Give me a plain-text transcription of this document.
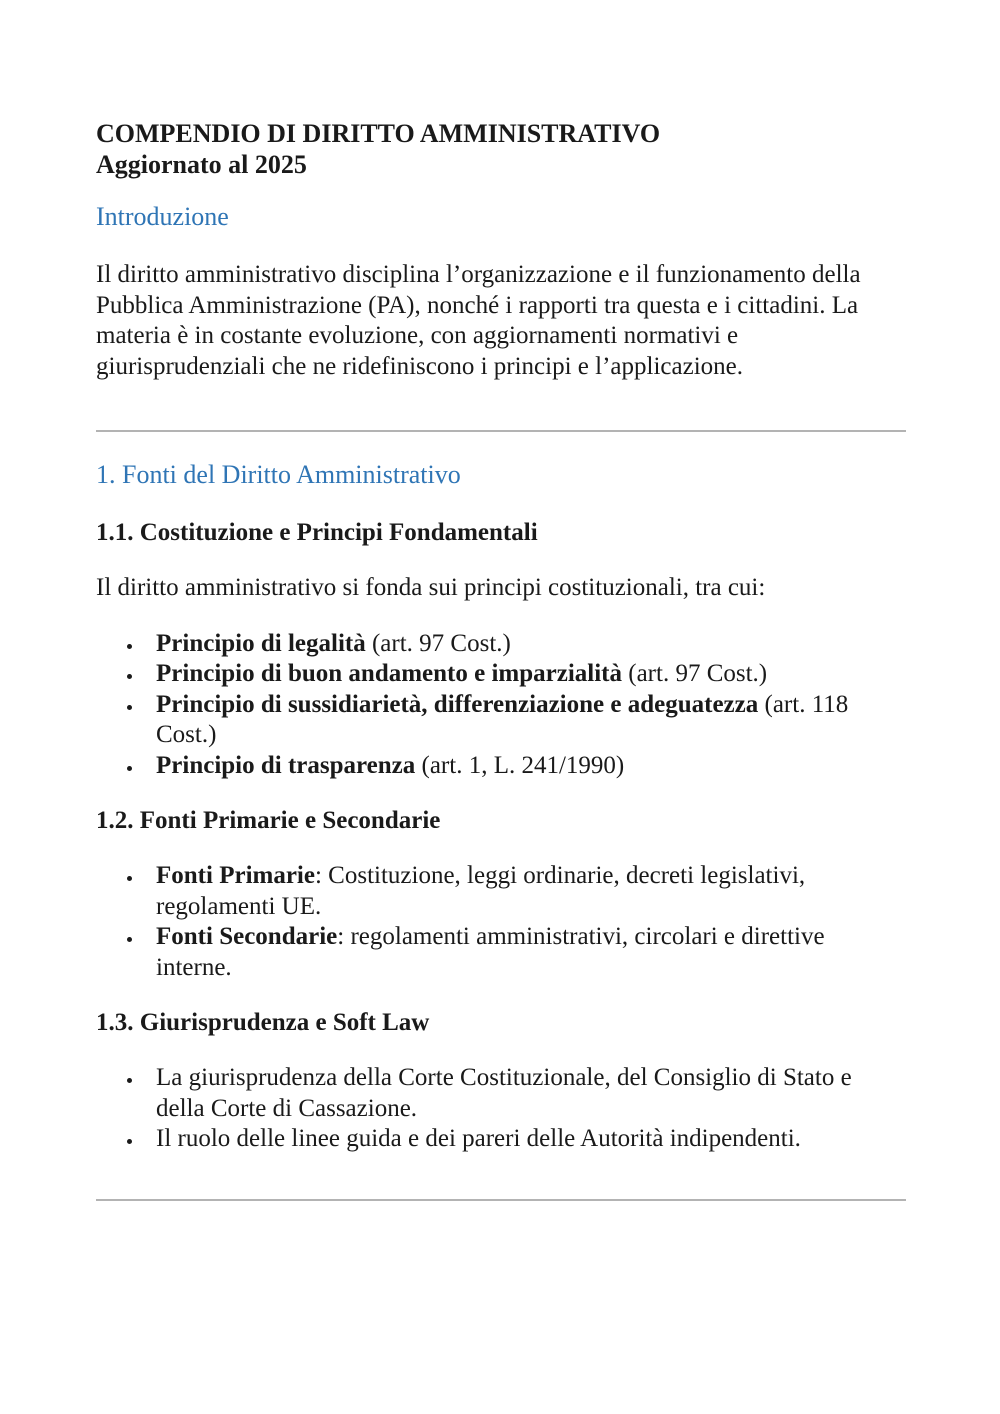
COMPENDIO DI DIRITTO AMMINISTRATIVO
Aggiornato al 2025
Introduzione

Il diritto amministrativo disciplina l’organizzazione e il funzionamento della Pubblica Amministrazione (PA), nonché i rapporti tra questa e i cittadini. La materia è in costante evoluzione, con aggiornamenti normativi e giurisprudenziali che ne ridefiniscono i principi e l’applicazione.

1. Fonti del Diritto Amministrativo
1.1. Costituzione e Principi Fondamentali

Il diritto amministrativo si fonda sui principi costituzionali, tra cui:

Principio di legalità (art. 97 Cost.)
Principio di buon andamento e imparzialità (art. 97 Cost.)
Principio di sussidiarietà, differenziazione e adeguatezza (art. 118 Cost.)
Principio di trasparenza (art. 1, L. 241/1990)
1.2. Fonti Primarie e Secondarie
Fonti Primarie: Costituzione, leggi ordinarie, decreti legislativi, regolamenti UE.
Fonti Secondarie: regolamenti amministrativi, circolari e direttive interne.
1.3. Giurisprudenza e Soft Law
La giurisprudenza della Corte Costituzionale, del Consiglio di Stato e della Corte di Cassazione.
Il ruolo delle linee guida e dei pareri delle Autorità indipendenti.
